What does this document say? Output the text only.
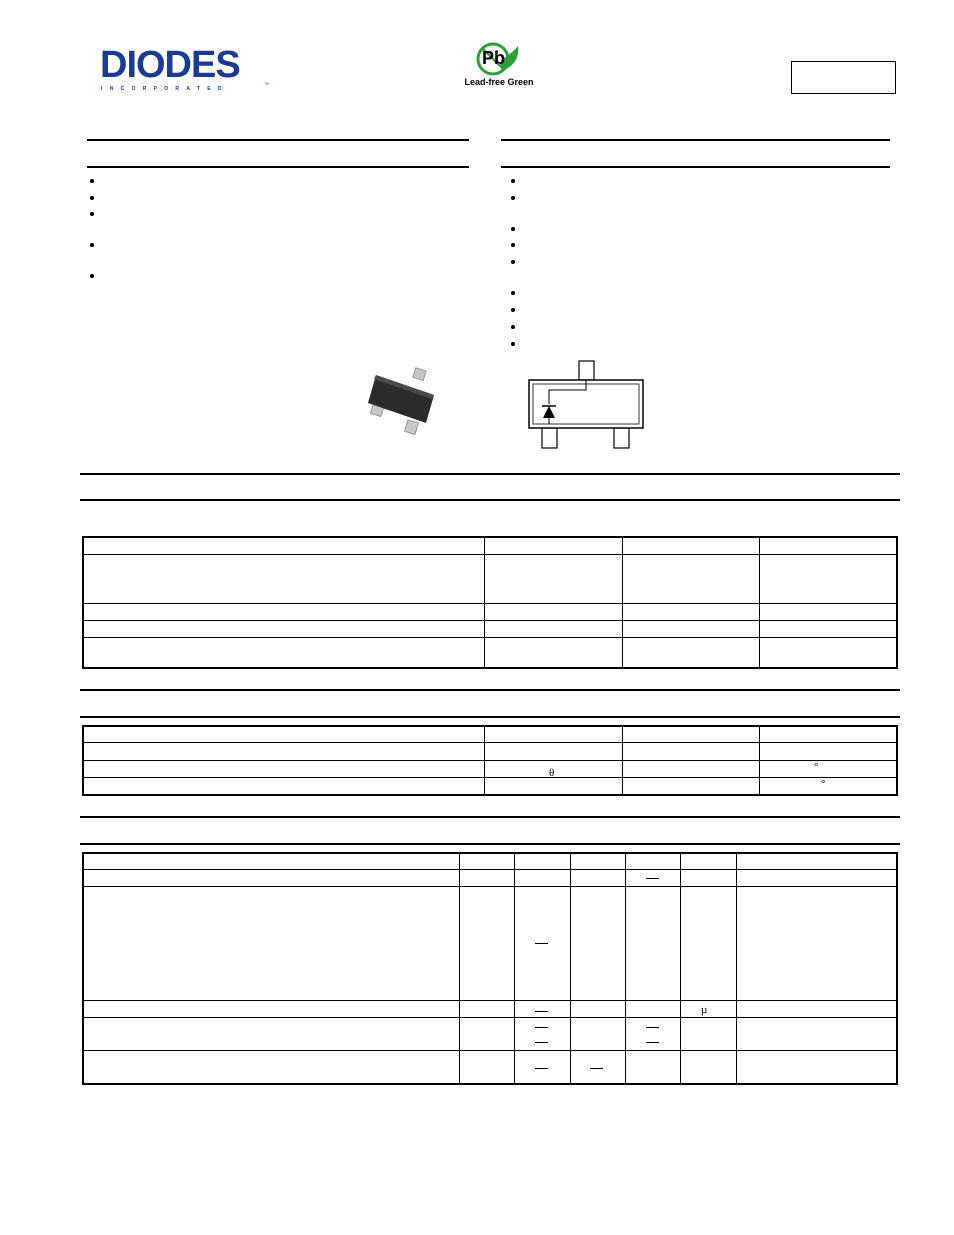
DIODES	™
INCORPORATED
Pb
Lead-free Green
θ	°
°
µ
